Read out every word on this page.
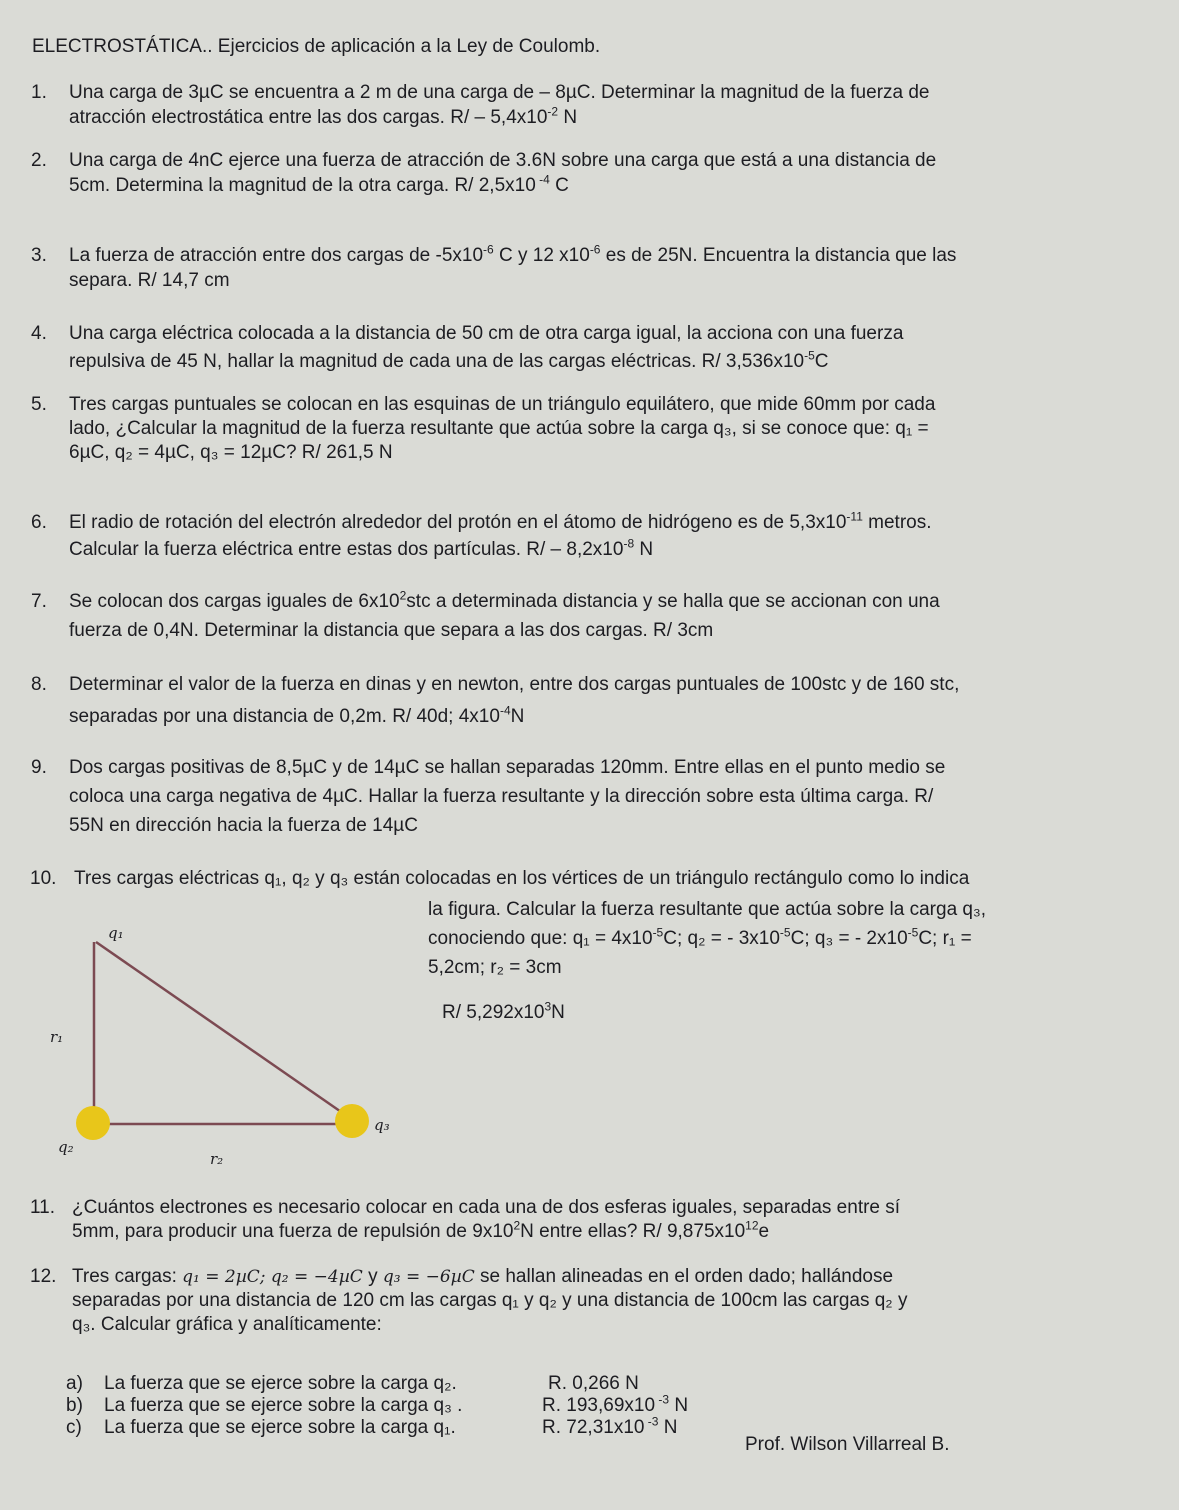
ELECTROSTÁTICA.. Ejercicios de aplicación a la Ley de Coulomb.
1. Una carga de 3µC se encuentra a 2 m de una carga de – 8µC. Determinar la magnitud de la fuerza de
atracción electrostática entre las dos cargas. $R/ - 5,4x10^{-2}$ N
2. Una carga de 4nC ejerce una fuerza de atracción de 3.6N sobre una carga que está a una distancia de
5cm. Determina la magnitud de la otra carga. R/ 2,5x10 $^{-4}$ C
3. La fuerza de atracción entre dos cargas de $-5x10^{-6}$ C y 12 $x10^{-6}$ es de 25N. Encuentra la distancia que las
separa. R/ 14,7 cm
4. Una carga eléctrica colocada a la distancia de 50 cm de otra carga igual, la acciona con una fuerza
repulsiva de 45 N, hallar la magnitud de cada una de las cargas eléctricas. R/ $3,536x10^{-5}C$
5. Tres cargas puntuales se colocan en las esquinas de un triángulo equilátero, que mide 60mm por cada
lado, ¿Calcular la magnitud de la fuerza resultante que actúa sobre la carga q₃, si se conoce que: q₁ =
6µC, q₂ = 4µC, q₃ = 12µC? R/ 261,5 N
6. El radio de rotación del electrón alrededor del protón en el átomo de hidrógeno es de $5,3x10^{-11}$ metros.
Calcular la fuerza eléctrica entre estas dos partículas. $R/ - 8,2x10^{-8}$ N
7. Se colocan dos cargas iguales de $6x10^2stc$ a determinada distancia y se halla que se accionan con una
fuerza de 0,4N. Determinar la distancia que separa a las dos cargas. R/ 3cm
8. Determinar el valor de la fuerza en dinas y en newton, entre dos cargas puntuales de 100stc y de 160 stc,
separadas por una distancia de 0,2m. R/ 40d; $4x10^{-4}N$
9. Dos cargas positivas de 8,5µC y de 14µC se hallan separadas 120mm. Entre ellas en el punto medio se
coloca una carga negativa de 4µC. Hallar la fuerza resultante y la dirección sobre esta última carga. R/
55N en dirección hacia la fuerza de 14µC
10. Tres cargas eléctricas q₁, q₂ y q₃ están colocadas en los vértices de un triángulo rectángulo como lo indica
la figura. Calcular la fuerza resultante que actúa sobre la carga q₃,
conociendo que: $q_1 = 4x10^{-5}C$; q₂ = - $3x10^{-5}C$; q₃ = - $2x10^{-5}C$; r₁ =
5,2cm; r₂ = 3cm
R/ $5,292x10^3N$
q₁
r₁
q₂
q₃
r₂
11. ¿Cuántos electrones es necesario colocar en cada una de dos esferas iguales, separadas entre sí
5mm, para producir una fuerza de repulsión de $9x10^2N$ entre ellas? R/ $9,875x10^{12}e$
12. Tres cargas: q₁ = 2µC; q₂ = −4µC y q₃ = −6µC se hallan alineadas en el orden dado; hallándose
separadas por una distancia de 120 cm las cargas q₁ y q₂ y una distancia de 100cm las cargas q₂ y
q₃. Calcular gráfica y analíticamente:
a) La fuerza que se ejerce sobre la carga q₂.	R. 0,266 N
b) La fuerza que se ejerce sobre la carga q₃ .	R. 193,69x10 $^{-3}$ N
c) La fuerza que se ejerce sobre la carga q₁.	R. 72,31x10 $^{-3}$ N
Prof. Wilson Villarreal B.
